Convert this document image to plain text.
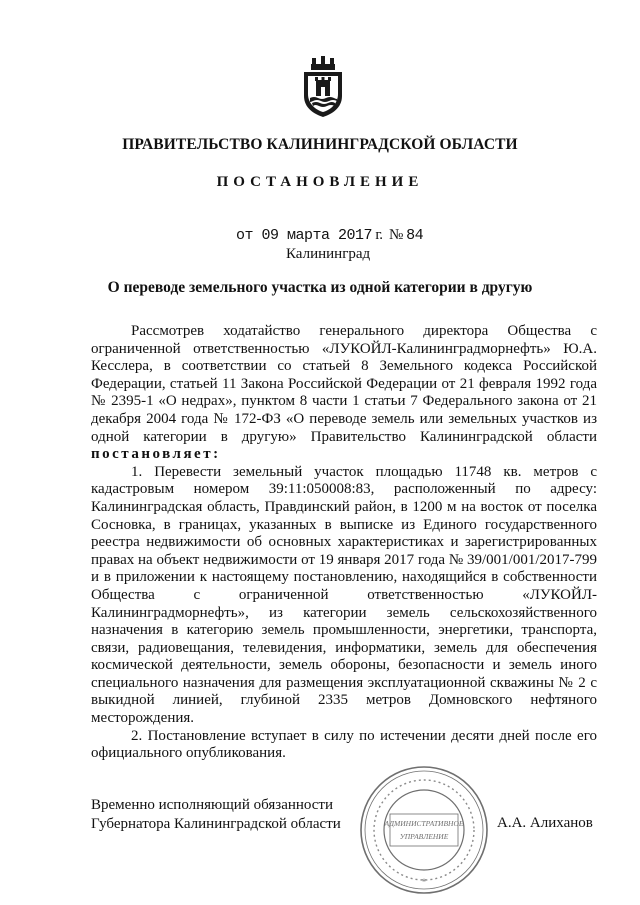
ПРАВИТЕЛЬСТВО КАЛИНИНГРАДСКОЙ ОБЛАСТИ
ПОСТАНОВЛЕНИЕ
от 09 марта 2017 г. № 84
Калининград
О переводе земельного участка из одной категории в другую

Рассмотрев ходатайство генерального директора Общества с ограниченной ответственностью «ЛУКОЙЛ-Калининградморнефть» Ю.А. Кесслера, в соответствии со статьей 8 Земельного кодекса Российской Федерации, статьей 11 Закона Российской Федерации от 21 февраля 1992 года № 2395-1 «О недрах», пунктом 8 части 1 статьи 7 Федерального закона от 21 декабря 2004 года № 172-ФЗ «О переводе земель или земельных участков из одной категории в другую» Правительство Калининградской области постановляет:

1. Перевести земельный участок площадью 11748 кв. метров с кадастровым номером 39:11:050008:83, расположенный по адресу: Калининградская область, Правдинский район, в 1200 м на восток от поселка Сосновка, в границах, указанных в выписке из Единого государственного реестра недвижимости об основных характеристиках и зарегистрированных правах на объект недвижимости от 19 января 2017 года № 39/001/001/2017-799 и в приложении к настоящему постановлению, находящийся в собственности Общества с ограниченной ответственностью «ЛУКОЙЛ-Калининградморнефть», из категории земель сельскохозяйственного назначения в категорию земель промышленности, энергетики, транспорта, связи, радиовещания, телевидения, информатики, земель для обеспечения космической деятельности, земель обороны, безопасности и земель иного специального назначения для размещения эксплуатационной скважины № 2 с выкидной линией, глубиной 2335 метров Домновского нефтяного месторождения.

2. Постановление вступает в силу по истечении десяти дней после его официального опубликования.

Временно исполняющий обязанности
Губернатора Калининградской области
*
АДМИНИСТРАТИВНОЕ
УПРАВЛЕНИЕ
А.А. Алиханов
